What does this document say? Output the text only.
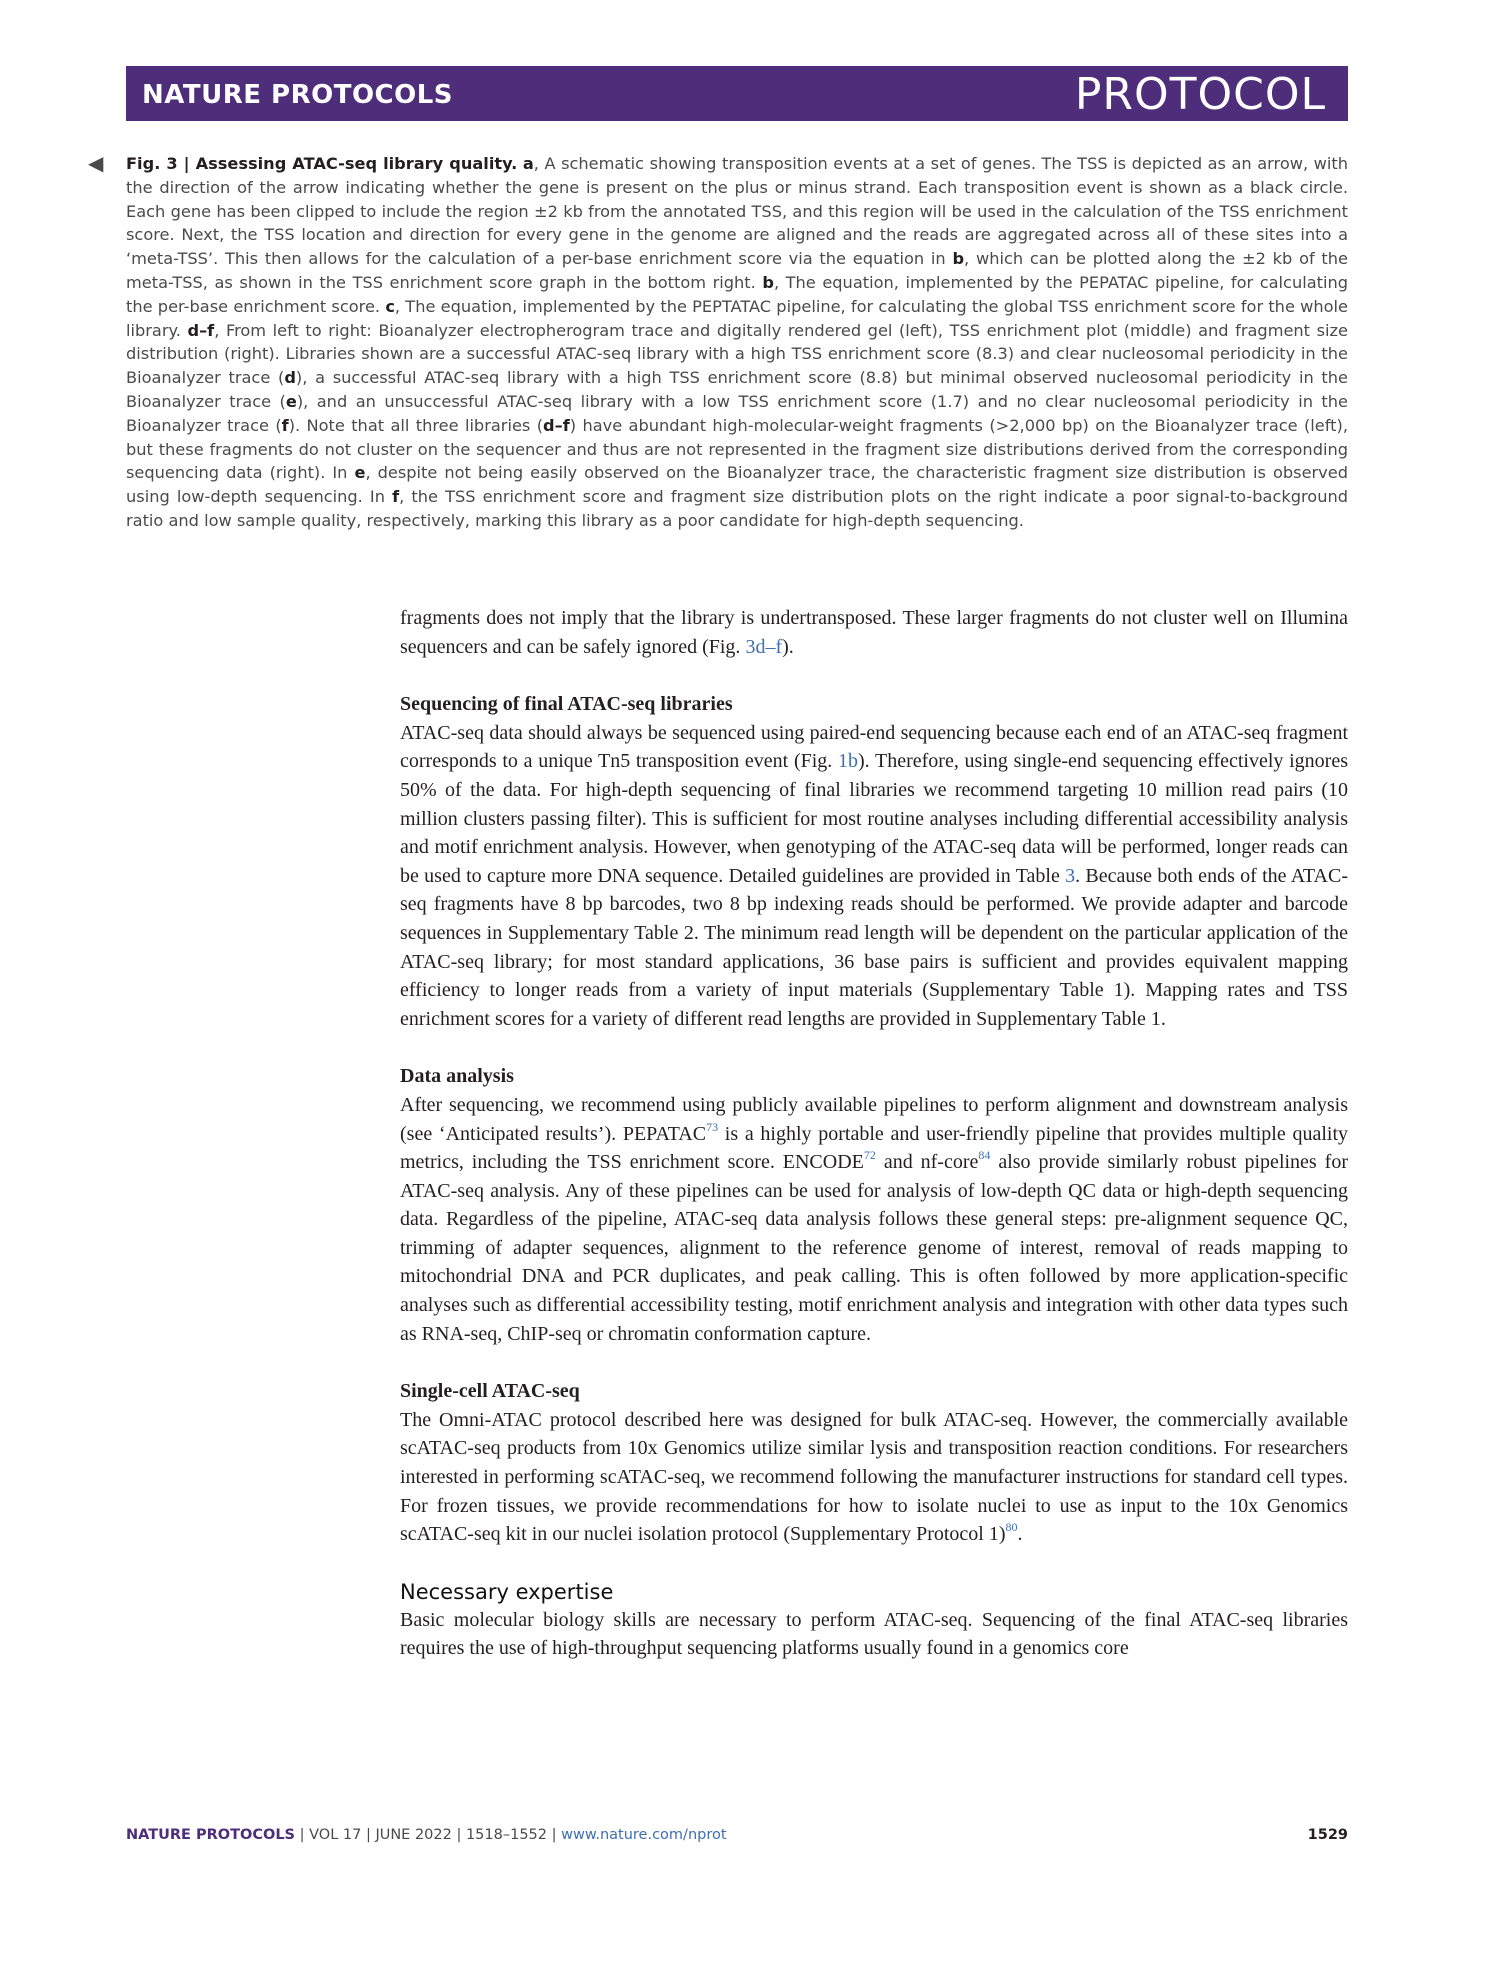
NATURE PROTOCOLS	PROTOCOL
◀ Fig. 3 | Assessing ATAC-seq library quality. a, A schematic showing transposition events at a set of genes. The TSS is depicted as an arrow, with the direction of the arrow indicating whether the gene is present on the plus or minus strand. Each transposition event is shown as a black circle. Each gene has been clipped to include the region ±2 kb from the annotated TSS, and this region will be used in the calculation of the TSS enrichment score. Next, the TSS location and direction for every gene in the genome are aligned and the reads are aggregated across all of these sites into a ‘meta-TSS’. This then allows for the calculation of a per-base enrichment score via the equation in b, which can be plotted along the ±2 kb of the meta-TSS, as shown in the TSS enrichment score graph in the bottom right. b, The equation, implemented by the PEPATAC pipeline, for calculating the per-base enrichment score. c, The equation, implemented by the PEPTATAC pipeline, for calculating the global TSS enrichment score for the whole library. d–f, From left to right: Bioanalyzer electropherogram trace and digitally rendered gel (left), TSS enrichment plot (middle) and fragment size distribution (right). Libraries shown are a successful ATAC-seq library with a high TSS enrichment score (8.3) and clear nucleosomal periodicity in the Bioanalyzer trace (d), a successful ATAC-seq library with a high TSS enrichment score (8.8) but minimal observed nucleosomal periodicity in the Bioanalyzer trace (e), and an unsuccessful ATAC-seq library with a low TSS enrichment score (1.7) and no clear nucleosomal periodicity in the Bioanalyzer trace (f). Note that all three libraries (d–f) have abundant high-molecular-weight fragments (>2,000 bp) on the Bioanalyzer trace (left), but these fragments do not cluster on the sequencer and thus are not represented in the fragment size distributions derived from the corresponding sequencing data (right). In e, despite not being easily observed on the Bioanalyzer trace, the characteristic fragment size distribution is observed using low-depth sequencing. In f, the TSS enrichment score and fragment size distribution plots on the right indicate a poor signal-to-background ratio and low sample quality, respectively, marking this library as a poor candidate for high-depth sequencing.

fragments does not imply that the library is undertransposed. These larger fragments do not cluster well on Illumina sequencers and can be safely ignored (Fig. 3d–f).

Sequencing of final ATAC-seq libraries

ATAC-seq data should always be sequenced using paired-end sequencing because each end of an ATAC-seq fragment corresponds to a unique Tn5 transposition event (Fig. 1b). Therefore, using single-end sequencing effectively ignores 50% of the data. For high-depth sequencing of final libraries we recommend targeting 10 million read pairs (10 million clusters passing filter). This is sufficient for most routine analyses including differential accessibility analysis and motif enrichment analysis. However, when genotyping of the ATAC-seq data will be performed, longer reads can be used to capture more DNA sequence. Detailed guidelines are provided in Table 3. Because both ends of the ATAC-seq fragments have 8 bp barcodes, two 8 bp indexing reads should be performed. We provide adapter and barcode sequences in Supplementary Table 2. The minimum read length will be dependent on the particular application of the ATAC-seq library; for most standard applications, 36 base pairs is sufficient and provides equivalent mapping efficiency to longer reads from a variety of input materials (Supplementary Table 1). Mapping rates and TSS enrichment scores for a variety of different read lengths are provided in Supplementary Table 1.

Data analysis

After sequencing, we recommend using publicly available pipelines to perform alignment and downstream analysis (see ‘Anticipated results’). PEPATAC$^{73}$ is a highly portable and user-friendly pipeline that provides multiple quality metrics, including the TSS enrichment score. ENCODE$^{72}$ and nf-core$^{84}$ also provide similarly robust pipelines for ATAC-seq analysis. Any of these pipelines can be used for analysis of low-depth QC data or high-depth sequencing data. Regardless of the pipeline, ATAC-seq data analysis follows these general steps: pre-alignment sequence QC, trimming of adapter sequences, alignment to the reference genome of interest, removal of reads mapping to mitochondrial DNA and PCR duplicates, and peak calling. This is often followed by more application-specific analyses such as differential accessibility testing, motif enrichment analysis and integration with other data types such as RNA-seq, ChIP-seq or chromatin conformation capture.

Single-cell ATAC-seq

The Omni-ATAC protocol described here was designed for bulk ATAC-seq. However, the commercially available scATAC-seq products from 10x Genomics utilize similar lysis and transposition reaction conditions. For researchers interested in performing scATAC-seq, we recommend following the manufacturer instructions for standard cell types. For frozen tissues, we provide recommendations for how to isolate nuclei to use as input to the 10x Genomics scATAC-seq kit in our nuclei isolation protocol (Supplementary Protocol 1)$^{80}$.

Necessary expertise

Basic molecular biology skills are necessary to perform ATAC-seq. Sequencing of the final ATAC-seq libraries requires the use of high-throughput sequencing platforms usually found in a genomics core

NATURE PROTOCOLS | VOL 17 | JUNE 2022 | 1518–1552 | www.nature.com/nprot	1529
